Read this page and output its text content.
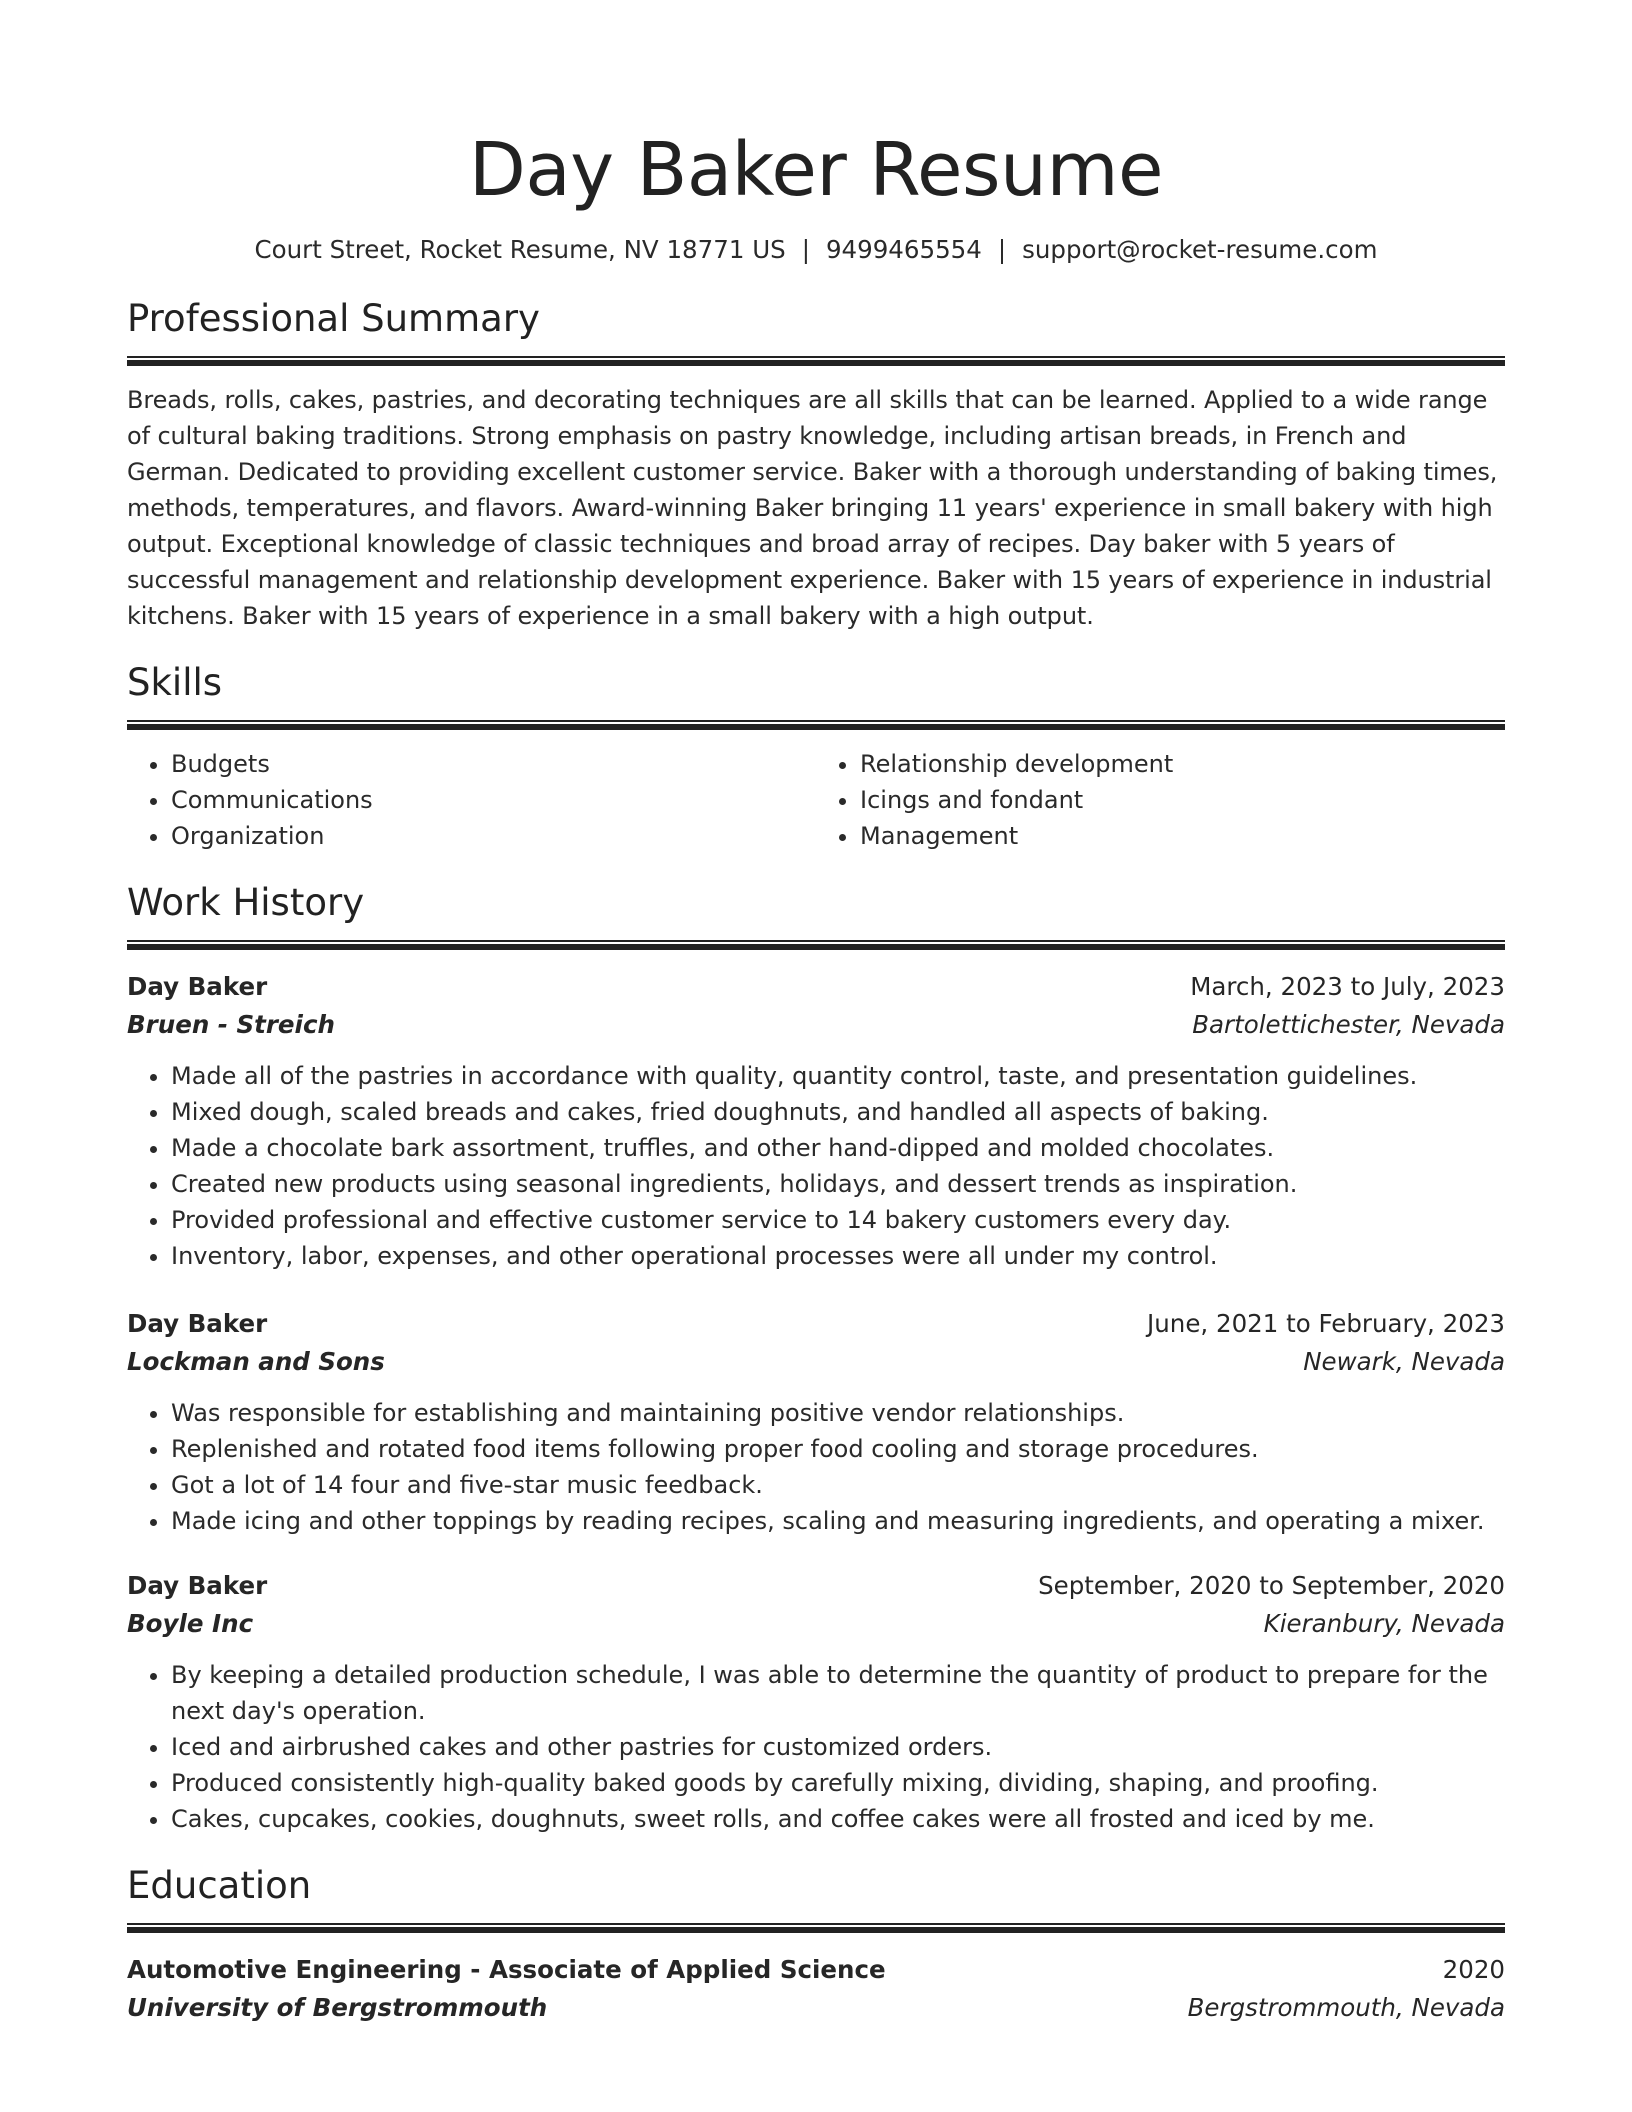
Day Baker Resume
Court Street, Rocket Resume, NV 18771 US | 9499465554 | support@rocket-resume.com
Professional Summary

Breads, rolls, cakes, pastries, and decorating techniques are all skills that can be learned. Applied to a wide range of cultural baking traditions. Strong emphasis on pastry knowledge, including artisan breads, in French and German. Dedicated to providing excellent customer service. Baker with a thorough understanding of baking times, methods, temperatures, and flavors. Award-winning Baker bringing 11 years' experience in small bakery with high output. Exceptional knowledge of classic techniques and broad array of recipes. Day baker with 5 years of successful management and relationship development experience. Baker with 15 years of experience in industrial kitchens. Baker with 15 years of experience in a small bakery with a high output.

Skills
• Budgets
• Communications
• Organization
• Relationship development
• Icings and fondant
• Management
Work History
Day Baker	March, 2023 to July, 2023
Bruen - Streich	Bartolettichester, Nevada
• Made all of the pastries in accordance with quality, quantity control, taste, and presentation guidelines.
• Mixed dough, scaled breads and cakes, fried doughnuts, and handled all aspects of baking.
• Made a chocolate bark assortment, truffles, and other hand-dipped and molded chocolates.
• Created new products using seasonal ingredients, holidays, and dessert trends as inspiration.
• Provided professional and effective customer service to 14 bakery customers every day.
• Inventory, labor, expenses, and other operational processes were all under my control.
Day Baker	June, 2021 to February, 2023
Lockman and Sons	Newark, Nevada
• Was responsible for establishing and maintaining positive vendor relationships.
• Replenished and rotated food items following proper food cooling and storage procedures.
• Got a lot of 14 four and five-star music feedback.
• Made icing and other toppings by reading recipes, scaling and measuring ingredients, and operating a mixer.
Day Baker	September, 2020 to September, 2020
Boyle Inc	Kieranbury, Nevada
• By keeping a detailed production schedule, I was able to determine the quantity of product to prepare for the next day's operation.
• Iced and airbrushed cakes and other pastries for customized orders.
• Produced consistently high-quality baked goods by carefully mixing, dividing, shaping, and proofing.
• Cakes, cupcakes, cookies, doughnuts, sweet rolls, and coffee cakes were all frosted and iced by me.
Education
Automotive Engineering - Associate of Applied Science	2020
University of Bergstrommouth	Bergstrommouth, Nevada
